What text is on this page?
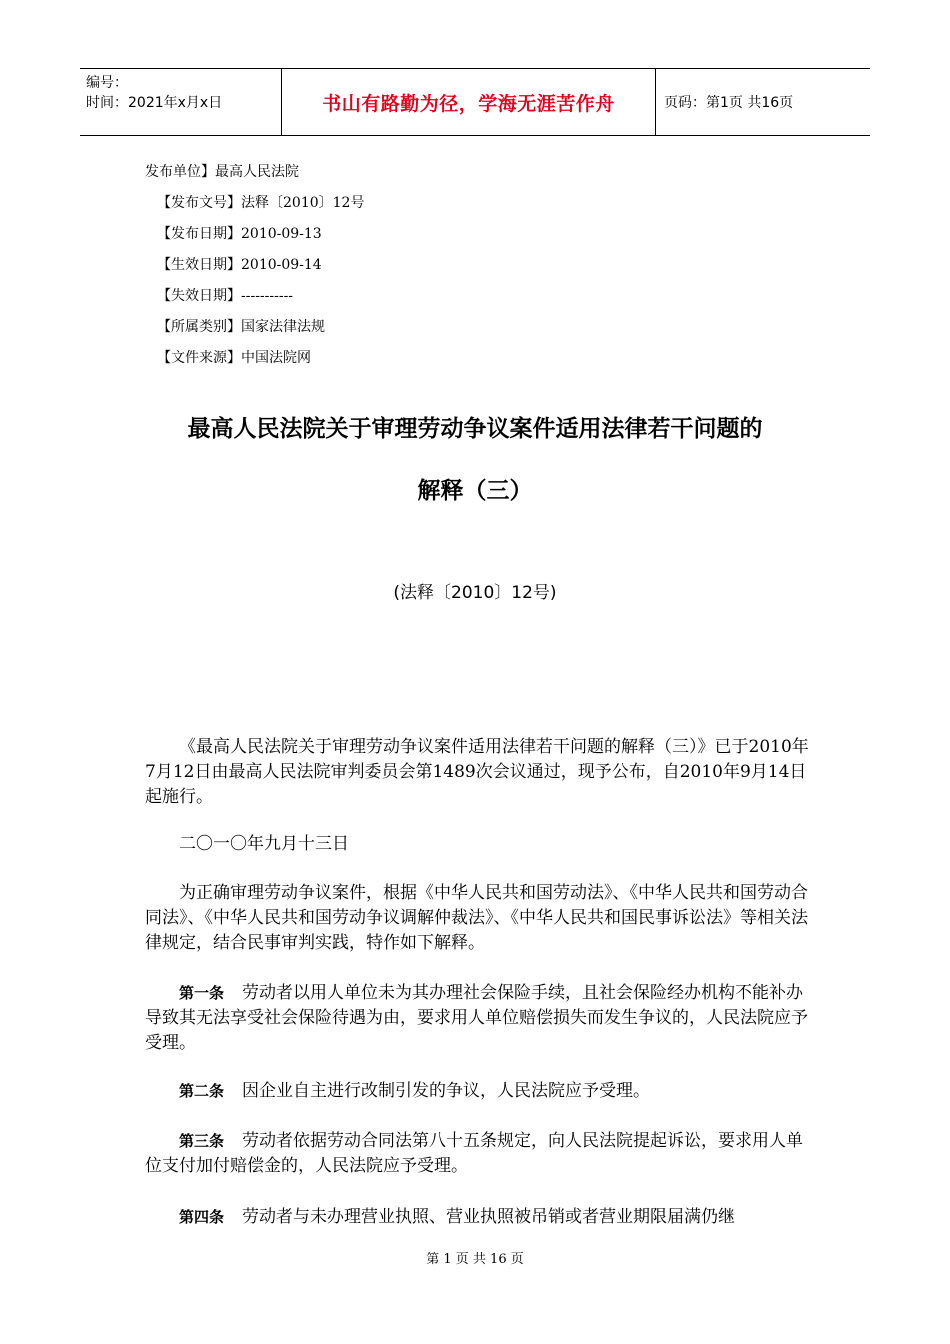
编号：
时间：2021年x月x日	书山有路勤为径，学海无涯苦作舟	页码：第1页 共16页
发布单位】最高人民法院
【发布文号】法释〔2010〕12号
【发布日期】2010-09-13
【生效日期】2010-09-14
【失效日期】-----------
【所属类别】国家法律法规
【文件来源】中国法院网
最高人民法院关于审理劳动争议案件适用法律若干问题的
解释（三）
(法释〔2010〕12号)

《最高人民法院关于审理劳动争议案件适用法律若干问题的解释（三）》已于2010年7月12日由最高人民法院审判委员会第1489次会议通过，现予公布，自2010年9月14日起施行。

二〇一〇年九月十三日

为正确审理劳动争议案件，根据《中华人民共和国劳动法》、《中华人民共和国劳动合同法》、《中华人民共和国劳动争议调解仲裁法》、《中华人民共和国民事诉讼法》等相关法律规定，结合民事审判实践，特作如下解释。

第一条 劳动者以用人单位未为其办理社会保险手续，且社会保险经办机构不能补办导致其无法享受社会保险待遇为由，要求用人单位赔偿损失而发生争议的，人民法院应予受理。

第二条 因企业自主进行改制引发的争议，人民法院应予受理。

第三条 劳动者依据劳动合同法第八十五条规定，向人民法院提起诉讼，要求用人单位支付加付赔偿金的，人民法院应予受理。

第四条 劳动者与未办理营业执照、营业执照被吊销或者营业期限届满仍继

第 1 页 共 16 页
